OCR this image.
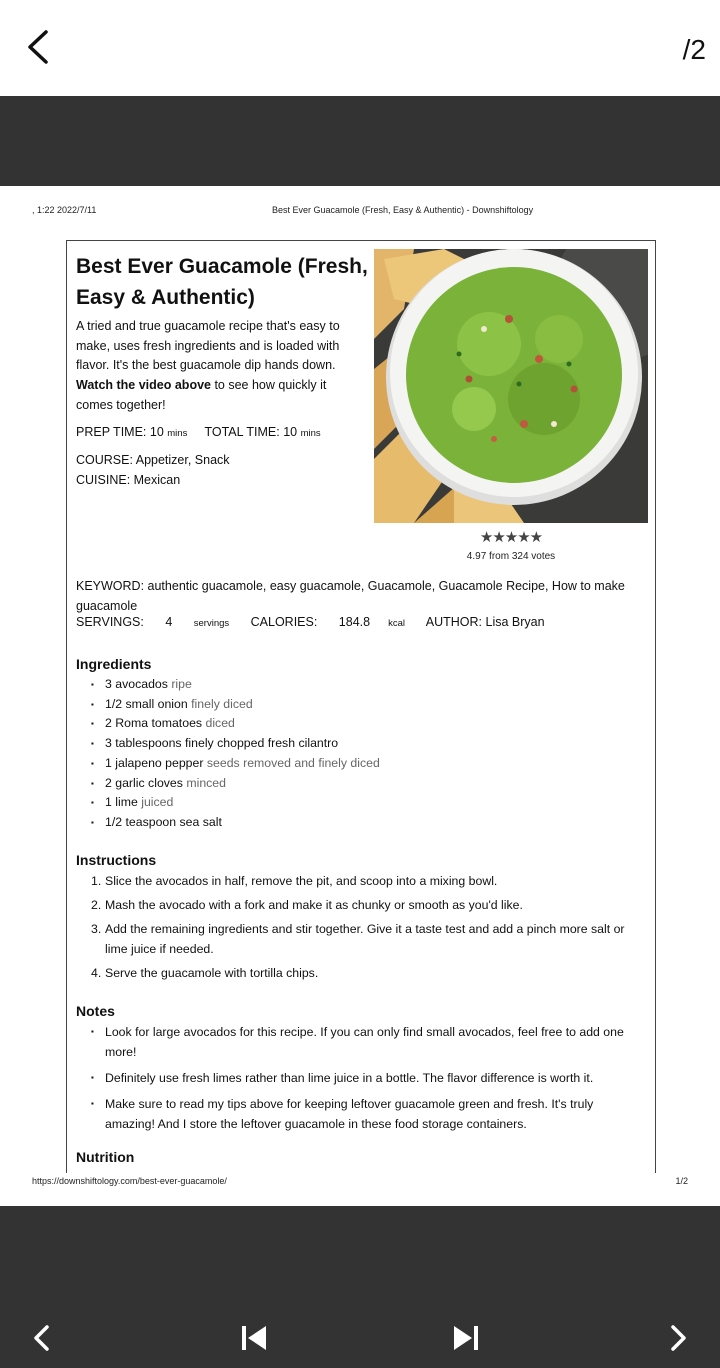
/2
, 1:22 2022/7/11	Best Ever Guacamole (Fresh, Easy & Authentic) - Downshiftology
Best Ever Guacamole (Fresh, Easy & Authentic)
A tried and true guacamole recipe that's easy to make, uses fresh ingredients and is loaded with flavor. It's the best guacamole dip hands down. Watch the video above to see how quickly it comes together!
PREP TIME: 10 mins TOTAL TIME: 10 mins
COURSE: Appetizer, Snack
CUISINE: Mexican
★★★★★
4.97 from 324 votes
KEYWORD: authentic guacamole, easy guacamole, Guacamole, Guacamole Recipe, How to make guacamole
SERVINGS: 4 servings CALORIES: 184.8 kcal AUTHOR: Lisa Bryan
Ingredients
▪ 3 avocados ripe
▪ 1/2 small onion finely diced
▪ 2 Roma tomatoes diced
▪ 3 tablespoons finely chopped fresh cilantro
▪ 1 jalapeno pepper seeds removed and finely diced
▪ 2 garlic cloves minced
▪ 1 lime juiced
▪ 1/2 teaspoon sea salt
Instructions
1. Slice the avocados in half, remove the pit, and scoop into a mixing bowl.
2. Mash the avocado with a fork and make it as chunky or smooth as you'd like.
3. Add the remaining ingredients and stir together. Give it a taste test and add a pinch more salt or lime juice if needed.
4. Serve the guacamole with tortilla chips.
Notes
▪ Look for large avocados for this recipe. If you can only find small avocados, feel free to add one more!
▪ Definitely use fresh limes rather than lime juice in a bottle. The flavor difference is worth it.
▪ Make sure to read my tips above for keeping leftover guacamole green and fresh. It's truly amazing! And I store the leftover guacamole in these food storage containers.
Nutrition
https://downshiftology.com/best-ever-guacamole/	1/2
